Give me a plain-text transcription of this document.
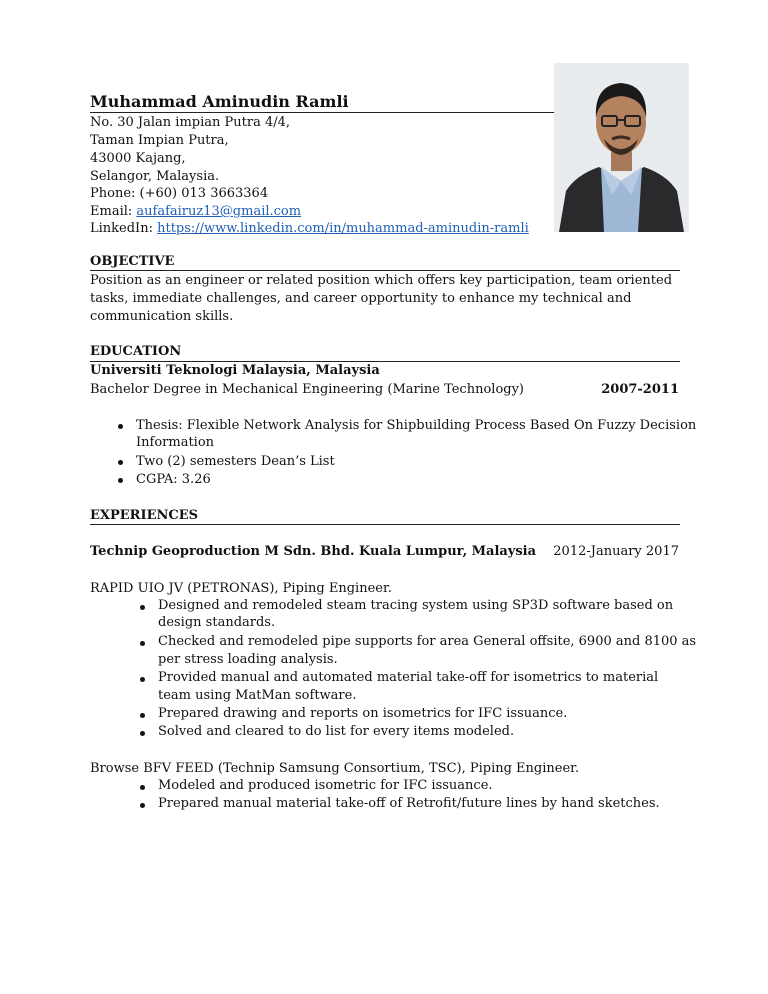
Muhammad Aminudin Ramli
No. 30 Jalan impian Putra 4/4,
Taman Impian Putra,
43000 Kajang,
Selangor, Malaysia.
Phone: (+60) 013 3663364
Email: aufafairuz13@gmail.com
LinkedIn: https://www.linkedin.com/in/muhammad-aminudin-ramli
OBJECTIVE
Position as an engineer or related position which offers key participation, team oriented
tasks, immediate challenges, and career opportunity to enhance my technical and
communication skills.
EDUCATION
Universiti Teknologi Malaysia, Malaysia
Bachelor Degree in Mechanical Engineering (Marine Technology)	2007-2011
Thesis: Flexible Network Analysis for Shipbuilding Process Based On Fuzzy Decision
Information
Two (2) semesters Dean’s List
CGPA: 3.26
EXPERIENCES
Technip Geoproduction M Sdn. Bhd. Kuala Lumpur, Malaysia 2012-January 2017
RAPID UIO JV (PETRONAS), Piping Engineer.
Designed and remodeled steam tracing system using SP3D software based on
design standards.
Checked and remodeled pipe supports for area General offsite, 6900 and 8100 as
per stress loading analysis.
Provided manual and automated material take-off for isometrics to material
team using MatMan software.
Prepared drawing and reports on isometrics for IFC issuance.
Solved and cleared to do list for every items modeled.
Browse BFV FEED (Technip Samsung Consortium, TSC), Piping Engineer.
Modeled and produced isometric for IFC issuance.
Prepared manual material take-off of Retrofit/future lines by hand sketches.
